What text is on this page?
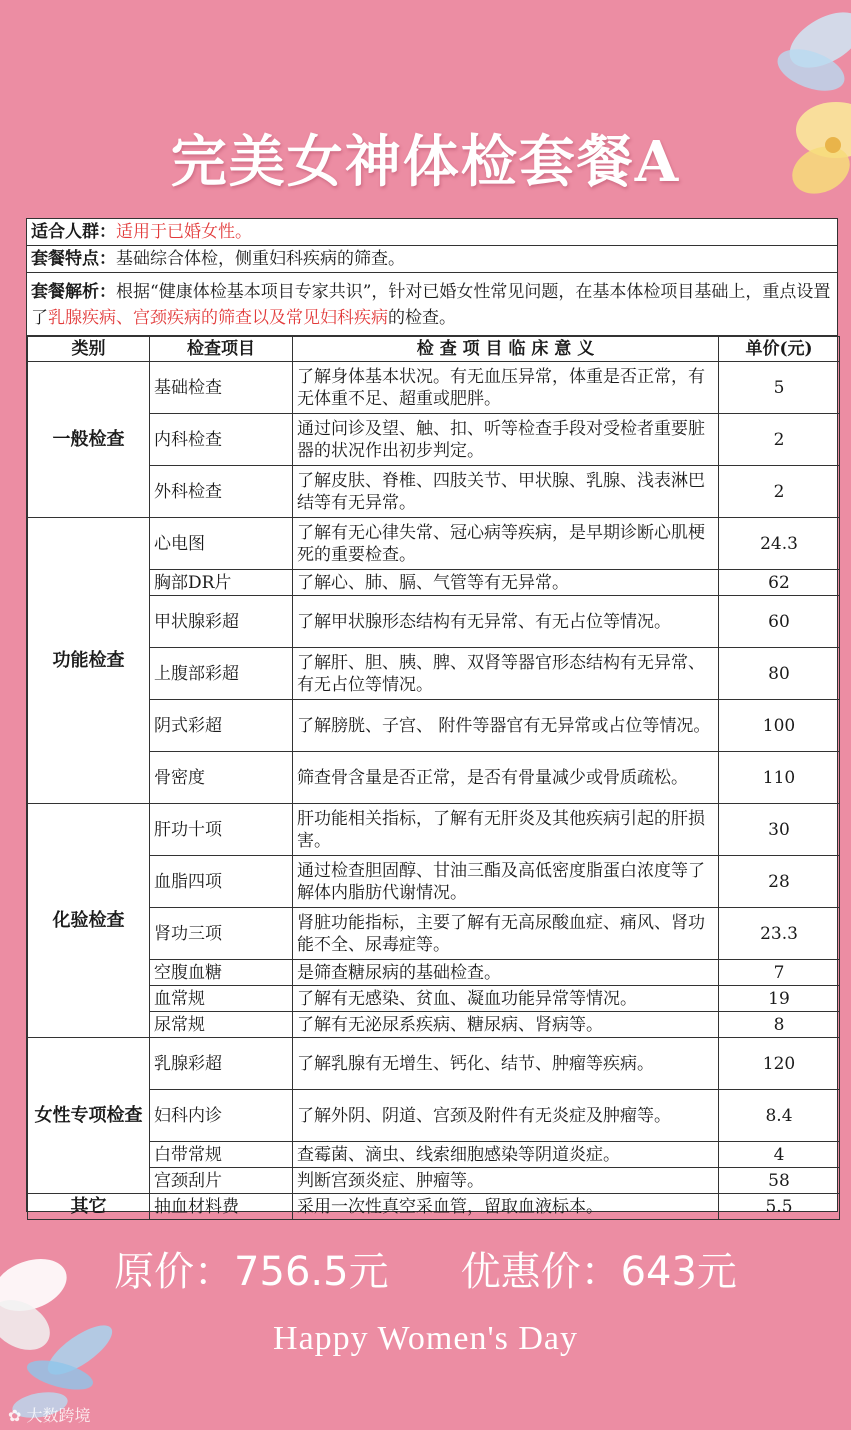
完美女神体检套餐A
适合人群：适用于已婚女性。
套餐特点：基础综合体检，侧重妇科疾病的筛查。
套餐解析：根据“健康体检基本项目专家共识”，针对已婚女性常见问题，在基本体检项目基础上，重点设置了乳腺疾病、宫颈疾病的筛查以及常见妇科疾病的检查。
类别	检查项目	检 查 项 目 临 床 意 义	单价(元)
一般检查	基础检查	了解身体基本状况。有无血压异常，体重是否正常，有无体重不足、超重或肥胖。	5
	内科检查	通过问诊及望、触、扣、听等检查手段对受检者重要脏器的状况作出初步判定。	2
	外科检查	了解皮肤、脊椎、四肢关节、甲状腺、乳腺、浅表淋巴结等有无异常。	2
功能检查	心电图	了解有无心律失常、冠心病等疾病，是早期诊断心肌梗死的重要检查。	24.3
	胸部DR片	了解心、肺、膈、气管等有无异常。	62
	甲状腺彩超	了解甲状腺形态结构有无异常、有无占位等情况。	60
	上腹部彩超	了解肝、胆、胰、脾、双肾等器官形态结构有无异常、有无占位等情况。	80
	阴式彩超	了解膀胱、子宫、 附件等器官有无异常或占位等情况。	100
	骨密度	筛查骨含量是否正常，是否有骨量减少或骨质疏松。	110
化验检查	肝功十项	肝功能相关指标，了解有无肝炎及其他疾病引起的肝损害。	30
	血脂四项	通过检查胆固醇、甘油三酯及高低密度脂蛋白浓度等了解体内脂肪代谢情况。	28
	肾功三项	肾脏功能指标，主要了解有无高尿酸血症、痛风、肾功能不全、尿毒症等。	23.3
	空腹血糖	是筛查糖尿病的基础检查。	7
	血常规	了解有无感染、贫血、凝血功能异常等情况。	19
	尿常规	了解有无泌尿系疾病、糖尿病、肾病等。	8
女性专项检查	乳腺彩超	了解乳腺有无增生、钙化、结节、肿瘤等疾病。	120
	妇科内诊	了解外阴、阴道、宫颈及附件有无炎症及肿瘤等。	8.4
	白带常规	查霉菌、滴虫、线索细胞感染等阴道炎症。	4
	宫颈刮片	判断宫颈炎症、肿瘤等。	58
其它	抽血材料费	采用一次性真空采血管，留取血液标本。	5.5
原价：756.5元 优惠价：643元
Happy Women's Day
✿ 大数跨境
